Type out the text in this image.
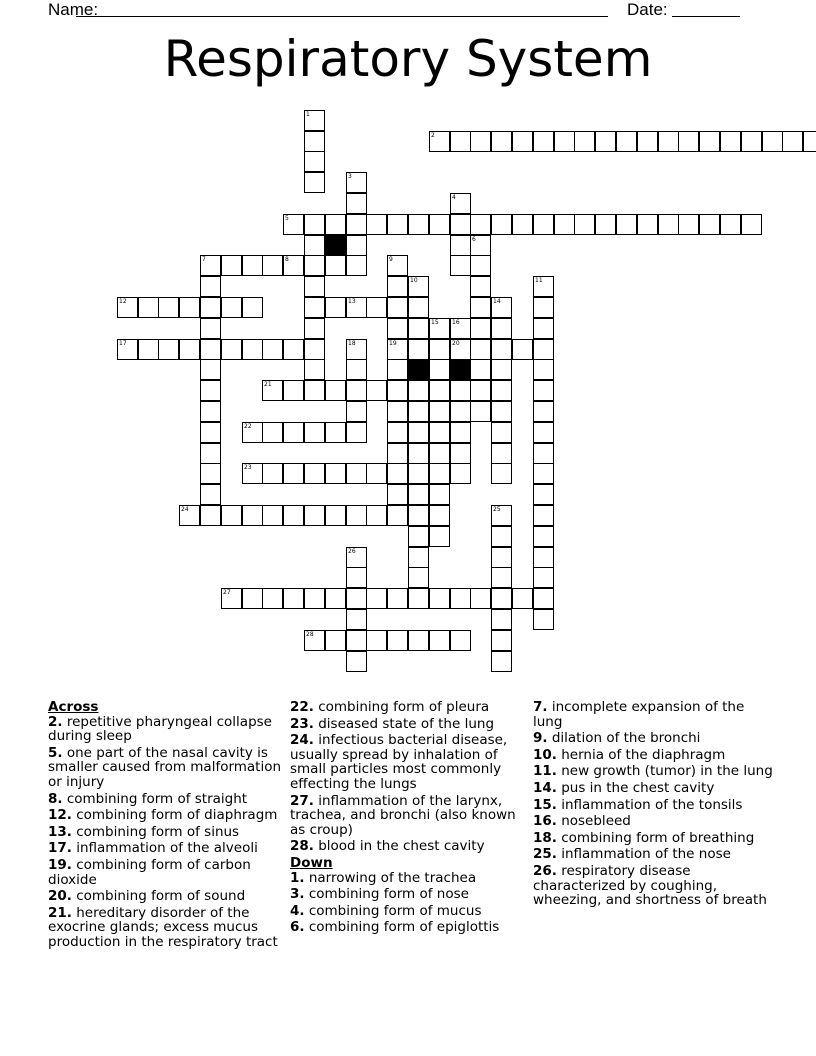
Name:	Date:
Respiratory System
1
2
3
4
5
6
8
7	9
19
10	11
12	13	14
15 16
20
17	18
21
22
23
24	25
26
27
28
Across
2. repetitive pharyngeal collapse during sleep
5. one part of the nasal cavity is smaller caused from malformation or injury
8. combining form of straight
12. combining form of diaphragm
13. combining form of sinus
17. inflammation of the alveoli
19. combining form of carbon dioxide
20. combining form of sound
21. hereditary disorder of the exocrine glands; excess mucus production in the respiratory tract
22. combining form of pleura
23. diseased state of the lung
24. infectious bacterial disease, usually spread by inhalation of small particles most commonly effecting the lungs
27. inflammation of the larynx, trachea, and bronchi (also known as croup)
28. blood in the chest cavity
Down
1. narrowing of the trachea
3. combining form of nose
4. combining form of mucus
6. combining form of epiglottis
7. incomplete expansion of the lung
9. dilation of the bronchi
10. hernia of the diaphragm
11. new growth (tumor) in the lung
14. pus in the chest cavity
15. inflammation of the tonsils
16. nosebleed
18. combining form of breathing
25. inflammation of the nose
26. respiratory disease characterized by coughing, wheezing, and shortness of breath
